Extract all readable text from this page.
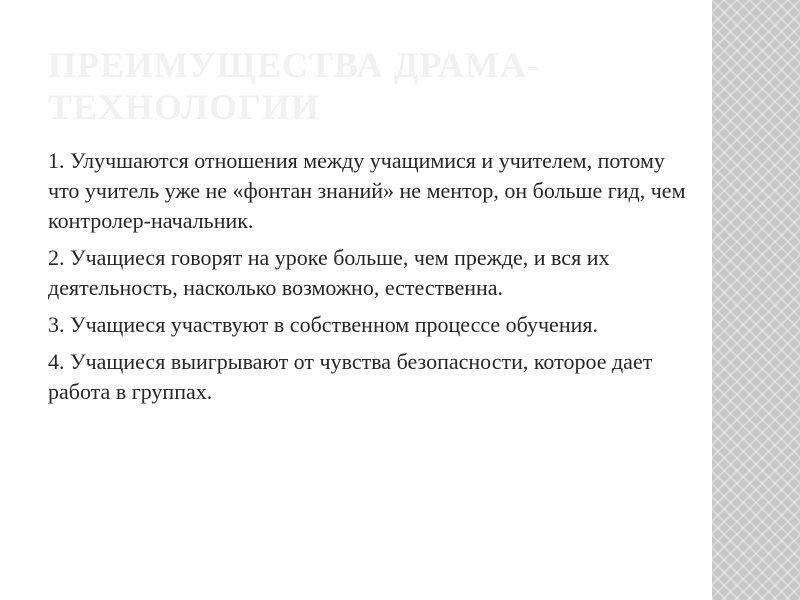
ПРЕИМУЩЕСТВА ДРАМА-ТЕХНОЛОГИИ

1. Улучшаются отношения между учащимися и учителем, потому что учитель уже не «фонтан знаний» не ментор, он больше гид, чем контролер-начальник.

2. Учащиеся говорят на уроке больше, чем прежде, и вся их деятельность, насколько возможно, естественна.

3. Учащиеся участвуют в собственном процессе обучения.

4. Учащиеся выигрывают от чувства безопасности, которое дает работа в группах.
